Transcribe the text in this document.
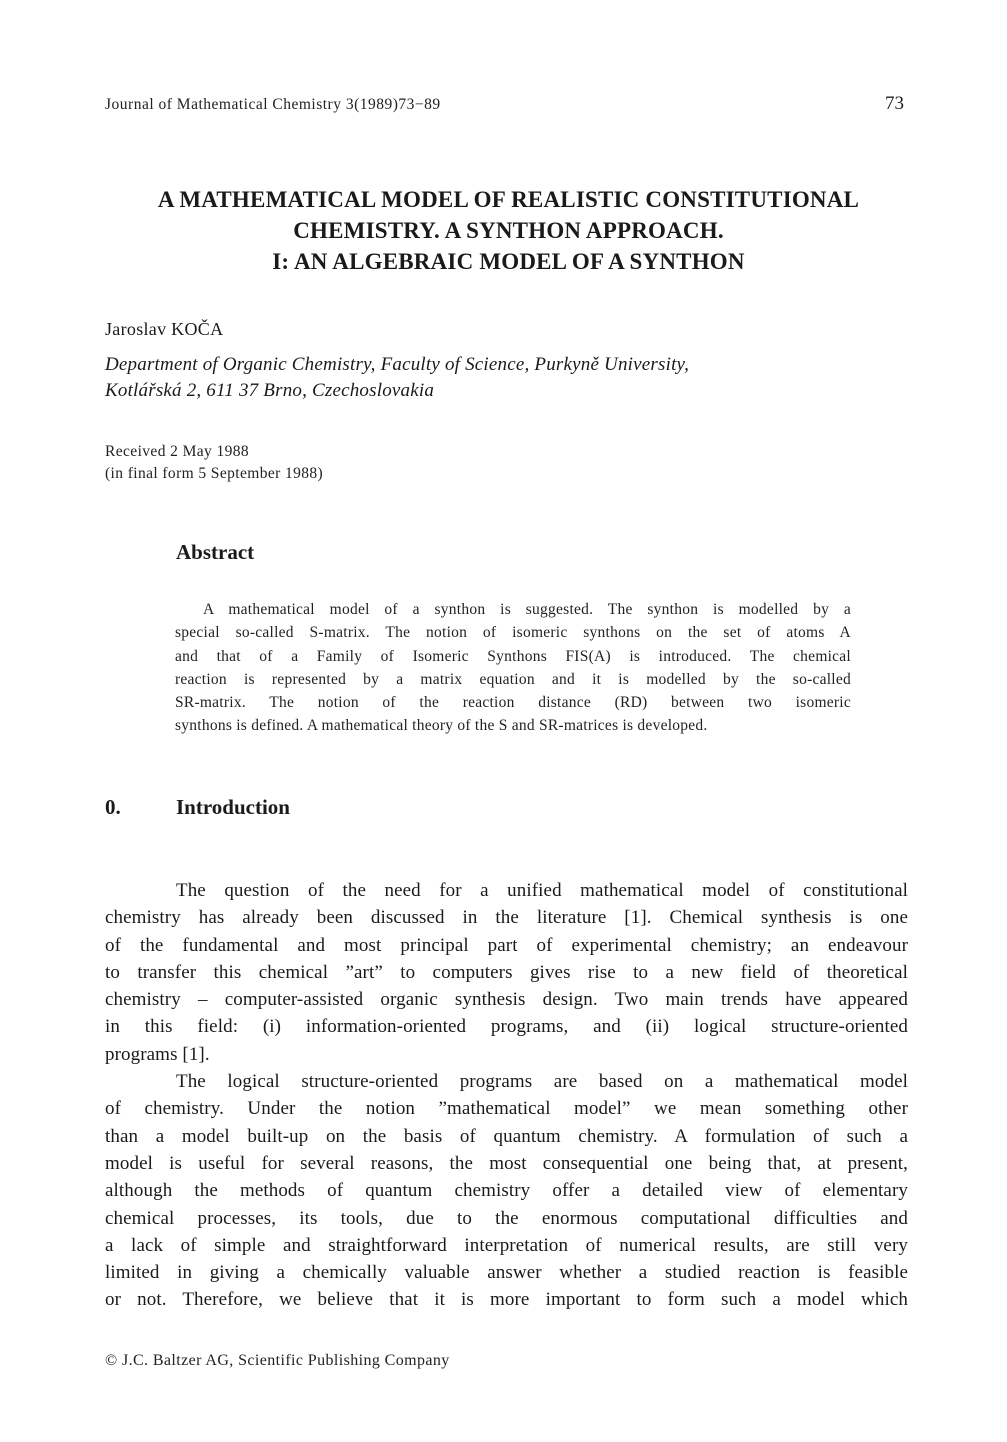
Journal of Mathematical Chemistry 3(1989)73−89	73
A MATHEMATICAL MODEL OF REALISTIC CONSTITUTIONAL
CHEMISTRY. A SYNTHON APPROACH.
I: AN ALGEBRAIC MODEL OF A SYNTHON
Jaroslav KOČA
Department of Organic Chemistry, Faculty of Science, Purkyně University,
Kotlářská 2, 611 37 Brno, Czechoslovakia
Received 2 May 1988
(in final form 5 September 1988)
Abstract
A mathematical model of a synthon is suggested. The synthon is modelled by a
special so-called S-matrix. The notion of isomeric synthons on the set of atoms A
and that of a Family of Isomeric Synthons FIS(A) is introduced. The chemical
reaction is represented by a matrix equation and it is modelled by the so-called
SR-matrix. The notion of the reaction distance (RD) between two isomeric
synthons is defined. A mathematical theory of the S and SR-matrices is developed.
0.	Introduction
The question of the need for a unified mathematical model of constitutional
chemistry has already been discussed in the literature [1]. Chemical synthesis is one
of the fundamental and most principal part of experimental chemistry; an endeavour
to transfer this chemical ”art” to computers gives rise to a new field of theoretical
chemistry – computer-assisted organic synthesis design. Two main trends have appeared
in this field: (i) information-oriented programs, and (ii) logical structure-oriented
programs [1].
The logical structure-oriented programs are based on a mathematical model
of chemistry. Under the notion ”mathematical model” we mean something other
than a model built-up on the basis of quantum chemistry. A formulation of such a
model is useful for several reasons, the most consequential one being that, at present,
although the methods of quantum chemistry offer a detailed view of elementary
chemical processes, its tools, due to the enormous computational difficulties and
a lack of simple and straightforward interpretation of numerical results, are still very
limited in giving a chemically valuable answer whether a studied reaction is feasible
or not. Therefore, we believe that it is more important to form such a model which
© J.C. Baltzer AG, Scientific Publishing Company
